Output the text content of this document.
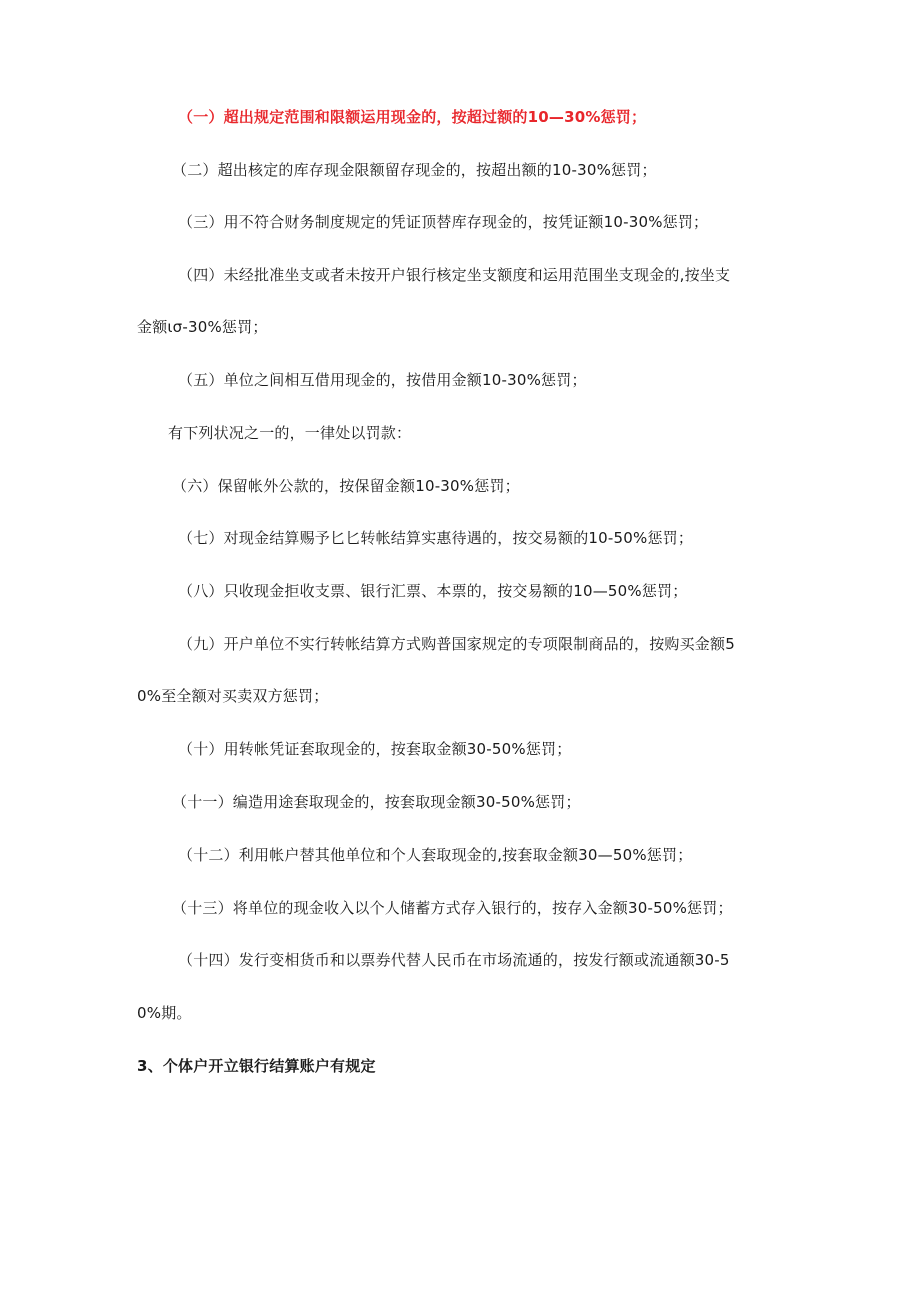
（一）超出规定范围和限额运用现金的，按超过额的10—30%惩罚；
（二）超出核定的库存现金限额留存现金的，按超出额的10-30%惩罚；
（三）用不符合财务制度规定的凭证顶替库存现金的，按凭证额10-30%惩罚；
（四）未经批准坐支或者未按开户银行核定坐支额度和运用范围坐支现金的,按坐支
金额ισ-30%惩罚；
（五）单位之间相互借用现金的，按借用金额10-30%惩罚；
有下列状况之一的，一律处以罚款：
（六）保留帐外公款的，按保留金额10-30%惩罚；
（七）对现金结算赐予匕匕转帐结算实惠待遇的，按交易额的10-50%惩罚；
（八）只收现金拒收支票、银行汇票、本票的，按交易额的10—50%惩罚；
（九）开户单位不实行转帐结算方式购普国家规定的专项限制商品的，按购买金额5
0%至全额对买卖双方惩罚；
（十）用转帐凭证套取现金的，按套取金额30-50%惩罚；
（十一）编造用途套取现金的，按套取现金额30-50%惩罚；
（十二）利用帐户替其他单位和个人套取现金的,按套取金额30—50%惩罚；
（十三）将单位的现金收入以个人储蓄方式存入银行的，按存入金额30-50%惩罚；
（十四）发行变相货币和以票券代替人民币在市场流通的，按发行额或流通额30-5
0%期。
3、个体户开立银行结算账户有规定
